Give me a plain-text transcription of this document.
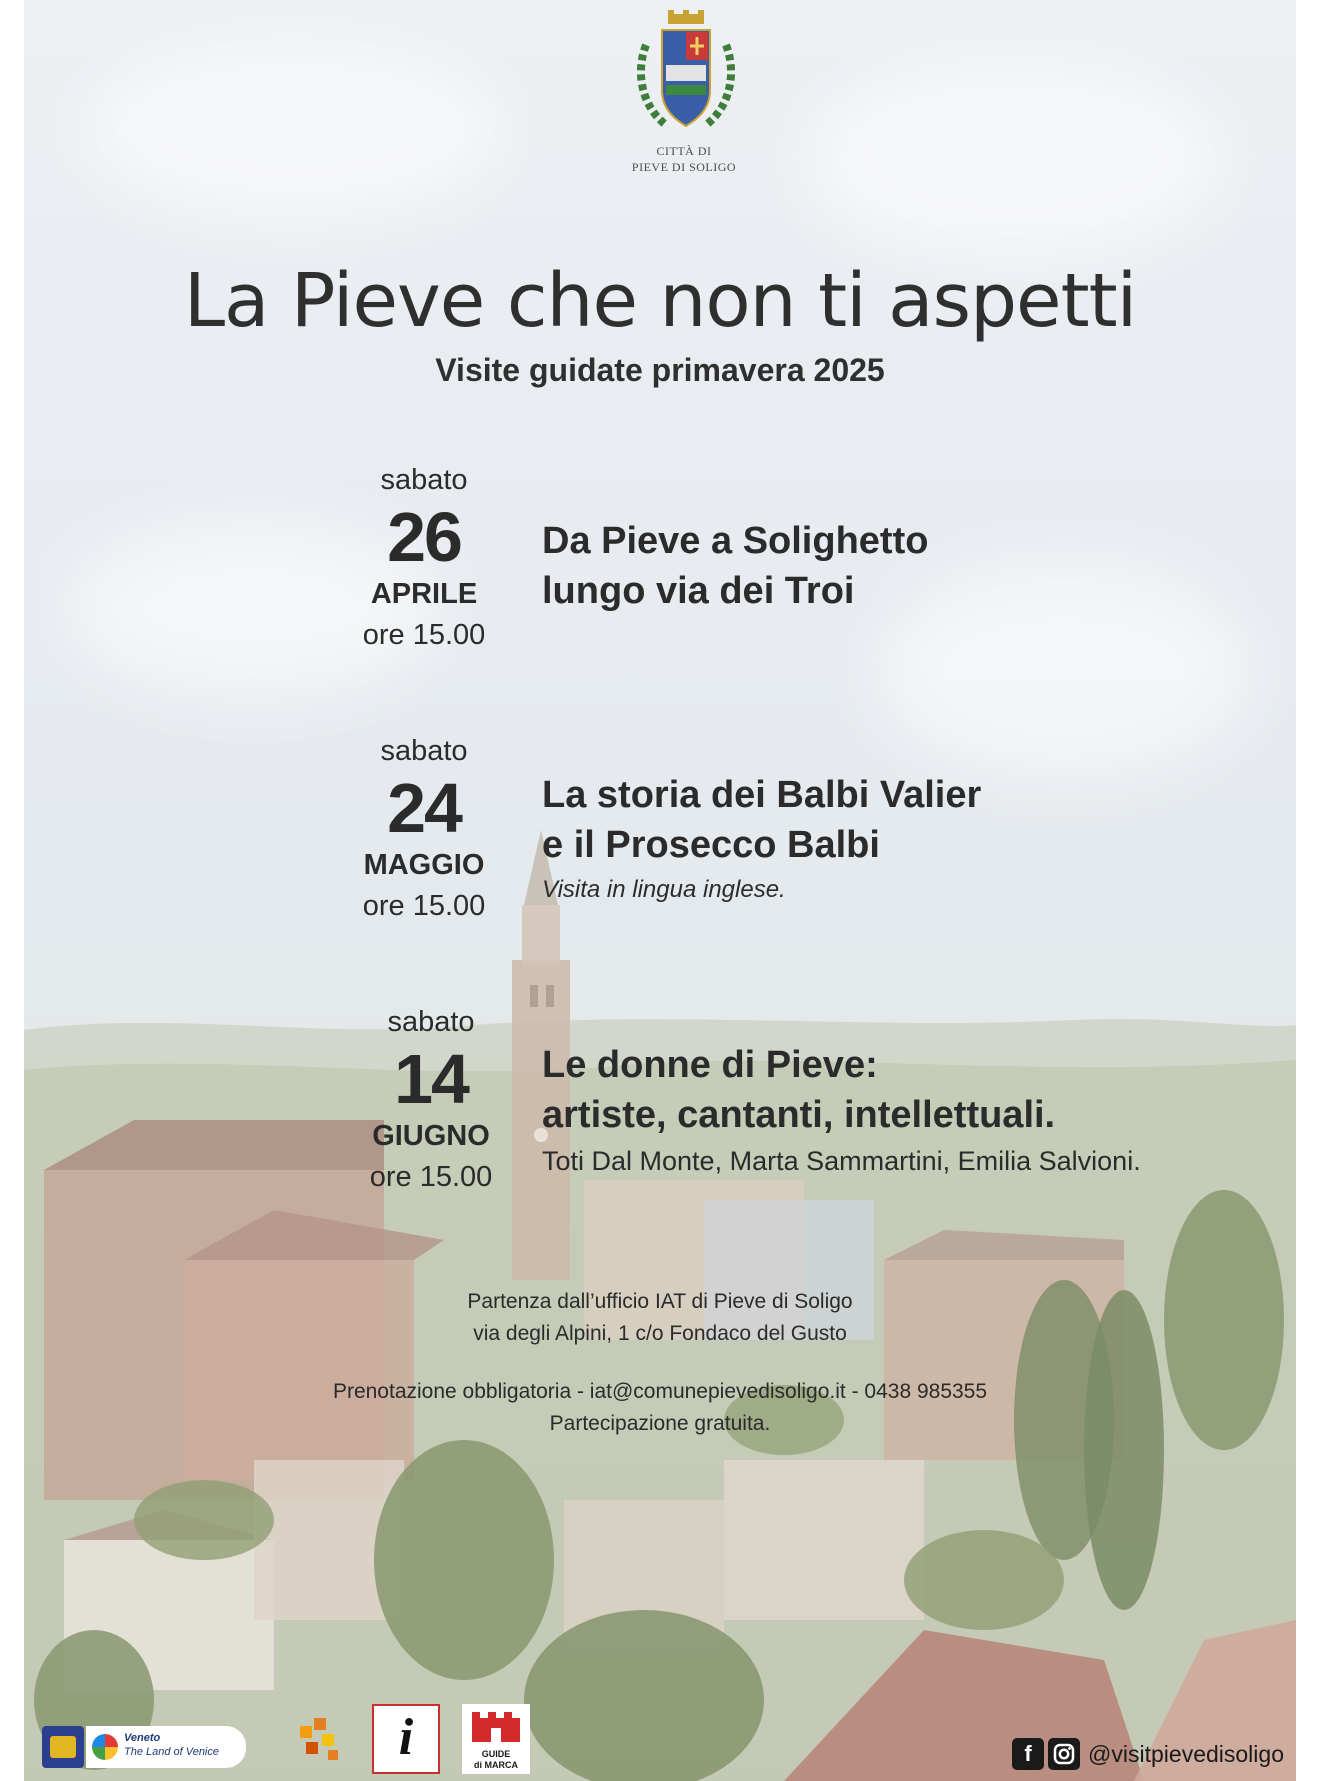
CITTÀ DI
PIEVE DI SOLIGO
La Pieve che non ti aspetti
Visite guidate primavera 2025
sabato
26
APRILE
ore 15.00
Da Pieve a Solighetto
lungo via dei Troi
sabato
24
MAGGIO
ore 15.00
La storia dei Balbi Valier
e il Prosecco Balbi
Visita in lingua inglese.
sabato
14
GIUGNO
ore 15.00
Le donne di Pieve:
artiste, cantanti, intellettuali.
Toti Dal Monte, Marta Sammartini, Emilia Salvioni.
Partenza dall’ufficio IAT di Pieve di Soligo
via degli Alpini, 1 c/o Fondaco del Gusto
Prenotazione obbligatoria - iat@comunepievedisoligo.it - 0438 985355
Partecipazione gratuita.
Veneto
The Land of Venice	i	GUIDE
di MARCA	f	@visitpievedisoligo
